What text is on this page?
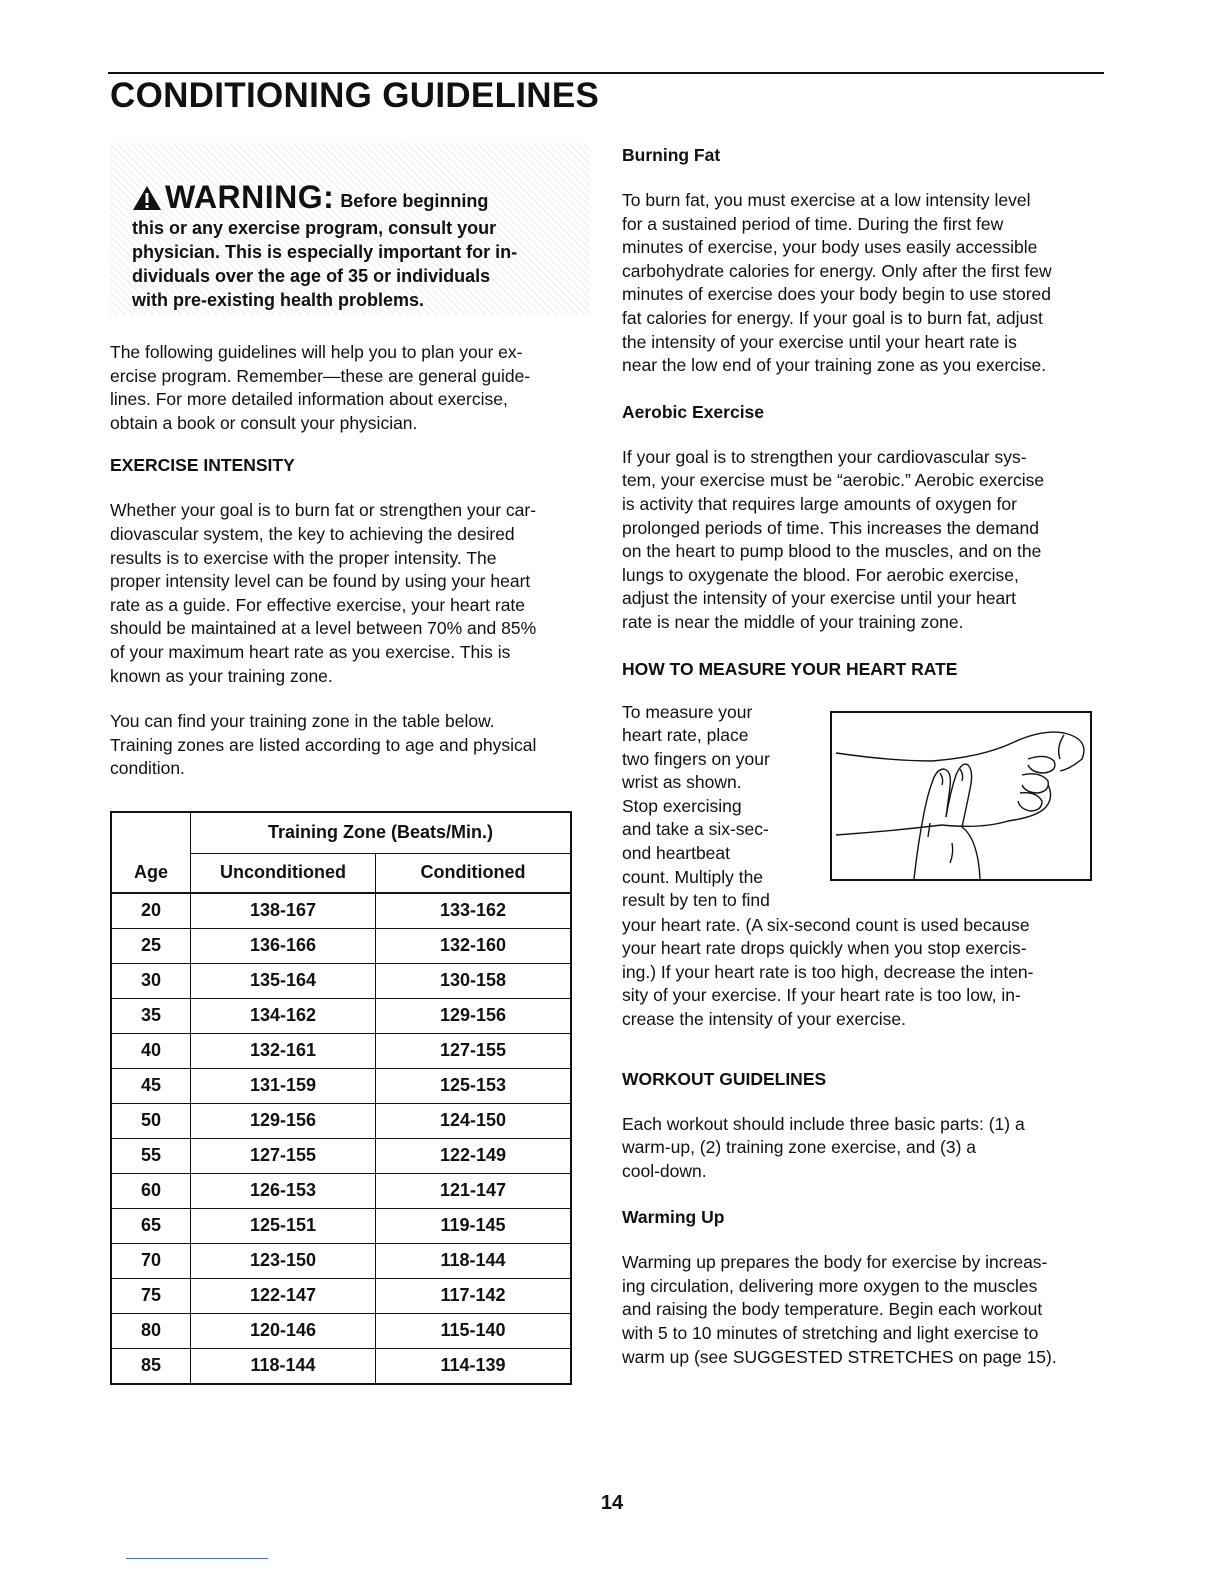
CONDITIONING GUIDELINES
WARNING: Before beginning
this or any exercise program, consult your
physician. This is especially important for in-
dividuals over the age of 35 or individuals
with pre-existing health problems.
The following guidelines will help you to plan your ex-
ercise program. Remember—these are general guide-
lines. For more detailed information about exercise,
obtain a book or consult your physician.
EXERCISE INTENSITY
Whether your goal is to burn fat or strengthen your car-
diovascular system, the key to achieving the desired
results is to exercise with the proper intensity. The
proper intensity level can be found by using your heart
rate as a guide. For effective exercise, your heart rate
should be maintained at a level between 70% and 85%
of your maximum heart rate as you exercise. This is
known as your training zone.
You can find your training zone in the table below.
Training zones are listed according to age and physical
condition.
	Training Zone (Beats/Min.)	
Age	Unconditioned	Conditioned
20	138-167	133-162
25	136-166	132-160
30	135-164	130-158
35	134-162	129-156
40	132-161	127-155
45	131-159	125-153
50	129-156	124-150
55	127-155	122-149
60	126-153	121-147
65	125-151	119-145
70	123-150	118-144
75	122-147	117-142
80	120-146	115-140
85	118-144	114-139
Burning Fat
To burn fat, you must exercise at a low intensity level
for a sustained period of time. During the first few
minutes of exercise, your body uses easily accessible
carbohydrate calories for energy. Only after the first few
minutes of exercise does your body begin to use stored
fat calories for energy. If your goal is to burn fat, adjust
the intensity of your exercise until your heart rate is
near the low end of your training zone as you exercise.
Aerobic Exercise
If your goal is to strengthen your cardiovascular sys-
tem, your exercise must be “aerobic.” Aerobic exercise
is activity that requires large amounts of oxygen for
prolonged periods of time. This increases the demand
on the heart to pump blood to the muscles, and on the
lungs to oxygenate the blood. For aerobic exercise,
adjust the intensity of your exercise until your heart
rate is near the middle of your training zone.
HOW TO MEASURE YOUR HEART RATE
To measure your
heart rate, place
two fingers on your
wrist as shown.
Stop exercising
and take a six-sec-
ond heartbeat
count. Multiply the
result by ten to find
your heart rate. (A six-second count is used because
your heart rate drops quickly when you stop exercis-
ing.) If your heart rate is too high, decrease the inten-
sity of your exercise. If your heart rate is too low, in-
crease the intensity of your exercise.
WORKOUT GUIDELINES
Each workout should include three basic parts: (1) a
warm-up, (2) training zone exercise, and (3) a
cool-down.
Warming Up
Warming up prepares the body for exercise by increas-
ing circulation, delivering more oxygen to the muscles
and raising the body temperature. Begin each workout
with 5 to 10 minutes of stretching and light exercise to
warm up (see SUGGESTED STRETCHES on page 15).
14
